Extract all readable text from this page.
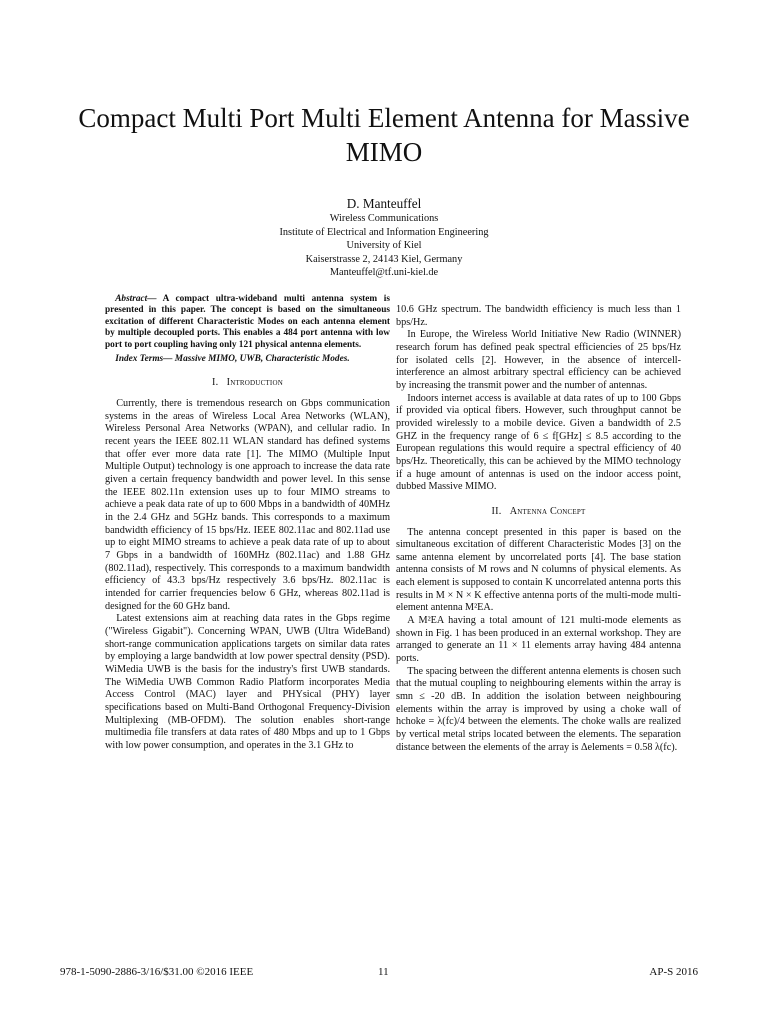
Compact Multi Port Multi Element Antenna for Massive MIMO
D. Manteuffel
Wireless Communications
Institute of Electrical and Information Engineering
University of Kiel
Kaiserstrasse 2, 24143 Kiel, Germany
Manteuffel@tf.uni-kiel.de

Abstract— A compact ultra-wideband multi antenna system is presented in this paper. The concept is based on the simultaneous excitation of different Characteristic Modes on each antenna element by multiple decoupled ports. This enables a 484 port antenna with low port to port coupling having only 121 physical antenna elements.

Index Terms— Massive MIMO, UWB, Characteristic Modes.

I. Introduction

Currently, there is tremendous research on Gbps communication systems in the areas of Wireless Local Area Networks (WLAN), Wireless Personal Area Networks (WPAN), and cellular radio. In recent years the IEEE 802.11 WLAN standard has defined systems that offer ever more data rate [1]. The MIMO (Multiple Input Multiple Output) technology is one approach to increase the data rate given a certain frequency bandwidth and power level. In this sense the IEEE 802.11n extension uses up to four MIMO streams to achieve a peak data rate of up to 600 Mbps in a bandwidth of 40MHz in the 2.4 GHz and 5GHz bands. This corresponds to a maximum bandwidth efficiency of 15 bps/Hz. IEEE 802.11ac and 802.11ad use up to eight MIMO streams to achieve a peak data rate of up to about 7 Gbps in a bandwidth of 160MHz (802.11ac) and 1.88 GHz (802.11ad), respectively. This corresponds to a maximum bandwidth efficiency of 43.3 bps/Hz respectively 3.6 bps/Hz. 802.11ac is intended for carrier frequencies below 6 GHz, whereas 802.11ad is designed for the 60 GHz band.

Latest extensions aim at reaching data rates in the Gbps regime ("Wireless Gigabit"). Concerning WPAN, UWB (Ultra WideBand) short-range communication applications targets on similar data rates by employing a large bandwidth at low power spectral density (PSD). WiMedia UWB is the basis for the industry's first UWB standards. The WiMedia UWB Common Radio Platform incorporates Media Access Control (MAC) layer and PHYsical (PHY) layer specifications based on Multi-Band Orthogonal Frequency-Division Multiplexing (MB-OFDM). The solution enables short-range multimedia file transfers at data rates of 480 Mbps and up to 1 Gbps with low power consumption, and operates in the 3.1 GHz to

10.6 GHz spectrum. The bandwidth efficiency is much less than 1 bps/Hz.

In Europe, the Wireless World Initiative New Radio (WINNER) research forum has defined peak spectral efficiencies of 25 bps/Hz for isolated cells [2]. However, in the absence of intercell-interference an almost arbitrary spectral efficiency can be achieved by increasing the transmit power and the number of antennas.

Indoors internet access is available at data rates of up to 100 Gbps if provided via optical fibers. However, such throughput cannot be provided wirelessly to a mobile device. Given a bandwidth of 2.5 GHZ in the frequency range of 6 ≤ f[GHz] ≤ 8.5 according to the European regulations this would require a spectral efficiency of 40 bps/Hz. Theoretically, this can be achieved by the MIMO technology if a huge amount of antennas is used on the indoor access point, dubbed Massive MIMO.

II. Antenna Concept

The antenna concept presented in this paper is based on the simultaneous excitation of different Characteristic Modes [3] on the same antenna element by uncorrelated ports [4]. The base station antenna consists of M rows and N columns of physical elements. As each element is supposed to contain K uncorrelated antenna ports this results in M × N × K effective antenna ports of the multi-mode multi-element antenna M²EA.

A M²EA having a total amount of 121 multi-mode elements as shown in Fig. 1 has been produced in an external workshop. They are arranged to generate an 11 × 11 elements array having 484 antenna ports.

The spacing between the different antenna elements is chosen such that the mutual coupling to neighbouring elements within the array is smn ≤ -20 dB. In addition the isolation between neighbouring elements within the array is improved by using a choke wall of hchoke = λ(fc)/4 between the elements. The choke walls are realized by vertical metal strips located between the elements. The separation distance between the elements of the array is Δelements = 0.58 λ(fc).

978-1-5090-2886-3/16/$31.00 ©2016 IEEE	11	AP-S 2016
